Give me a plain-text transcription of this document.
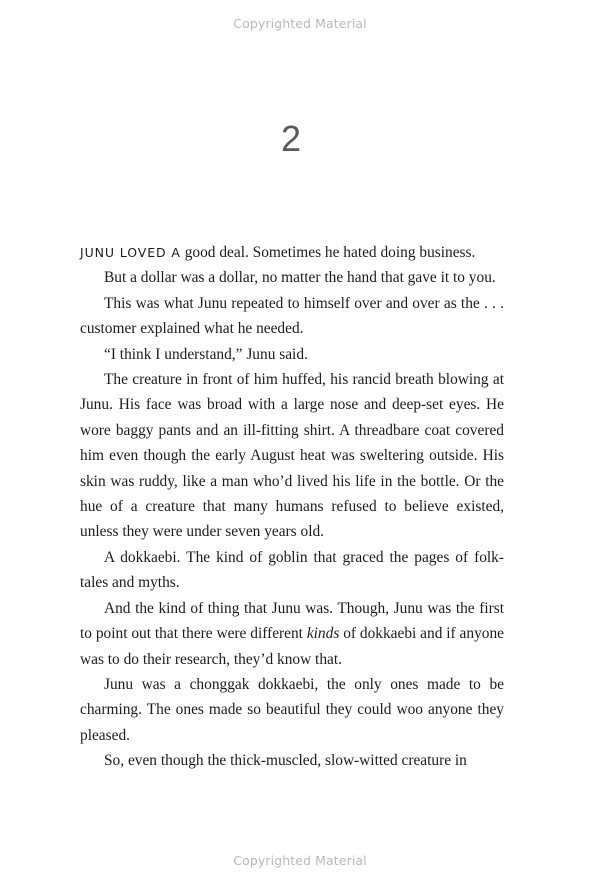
Copyrighted Material
2

JUNU LOVED A good deal. Sometimes he hated doing business.

But a dollar was a dollar, no matter the hand that gave it to you.

This was what Junu repeated to himself over and over as the . . . customer explained what he needed.

“I think I understand,” Junu said.

The creature in front of him huffed, his rancid breath blowing at Junu. His face was broad with a large nose and deep-set eyes. He wore baggy pants and an ill-fitting shirt. A threadbare coat covered him even though the early August heat was sweltering outside. His skin was ruddy, like a man who’d lived his life in the bottle. Or the hue of a creature that many humans refused to believe existed, unless they were under seven years old.

A dokkaebi. The kind of goblin that graced the pages of folk-tales and myths.

And the kind of thing that Junu was. Though, Junu was the first to point out that there were different kinds of dokkaebi and if anyone was to do their research, they’d know that.

Junu was a chonggak dokkaebi, the only ones made to be charming. The ones made so beautiful they could woo anyone they pleased.

So, even though the thick-muscled, slow-witted creature in

Copyrighted Material
